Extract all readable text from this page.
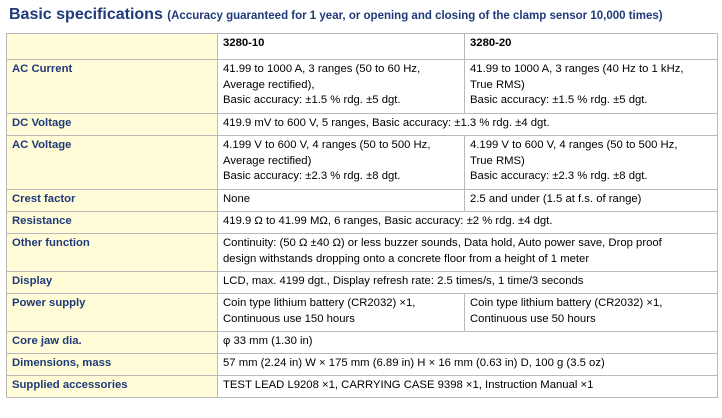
Basic specifications (Accuracy guaranteed for 1 year, or opening and closing of the clamp sensor 10,000 times)
	3280-10	3280-20
AC Current	41.99 to 1000 A, 3 ranges (50 to 60 Hz,
Average rectified),
Basic accuracy: ±1.5 % rdg. ±5 dgt.	41.99 to 1000 A, 3 ranges (40 Hz to 1 kHz,
True RMS)
Basic accuracy: ±1.5 % rdg. ±5 dgt.

DC Voltage	419.9 mV to 600 V, 5 ranges, Basic accuracy: ±1.3 % rdg. ±4 dgt.	

AC Voltage	4.199 V to 600 V, 4 ranges (50 to 500 Hz,
Average rectified)
Basic accuracy: ±2.3 % rdg. ±8 dgt.	4.199 V to 600 V, 4 ranges (50 to 500 Hz,
True RMS)
Basic accuracy: ±2.3 % rdg. ±8 dgt.

Crest factor	None	2.5 and under (1.5 at f.s. of range)

Resistance	419.9 Ω to 41.99 MΩ, 6 ranges, Basic accuracy: ±2 % rdg. ±4 dgt.	

Other function	Continuity: (50 Ω ±40 Ω) or less buzzer sounds, Data hold, Auto power save, Drop proof
design withstands dropping onto a concrete floor from a height of 1 meter	

Display	LCD, max. 4199 dgt., Display refresh rate: 2.5 times/s, 1 time/3 seconds	

Power supply	Coin type lithium battery (CR2032) ×1,
Continuous use 150 hours	Coin type lithium battery (CR2032) ×1,
Continuous use 50 hours

Core jaw dia.	φ 33 mm (1.30 in)	

Dimensions, mass	57 mm (2.24 in) W × 175 mm (6.89 in) H × 16 mm (0.63 in) D, 100 g (3.5 oz)	

Supplied accessories	TEST LEAD L9208 ×1, CARRYING CASE 9398 ×1, Instruction Manual ×1	
